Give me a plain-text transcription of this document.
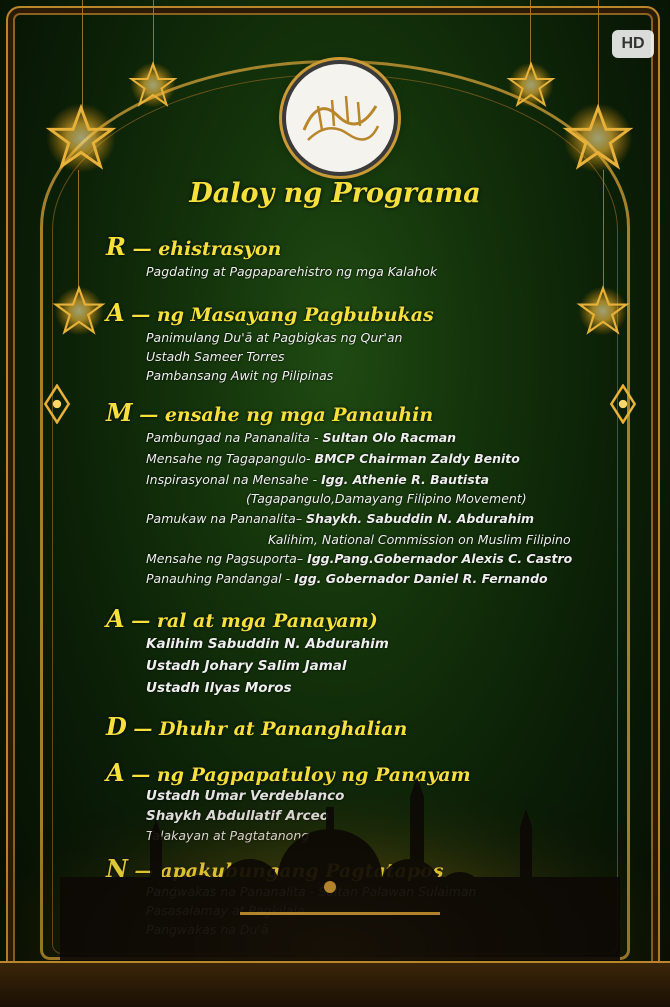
HD
Daloy ng Programa
R — ehistrasyon
Pagdating at Pagpaparehistro ng mga Kalahok
A — ng Masayang Pagbubukas
Panimulang Du'ā at Pagbigkas ng Qur'an
Ustadh Sameer Torres
Pambansang Awit ng Pilipinas
M — ensahe ng mga Panauhin
Pambungad na Pananalita - Sultan Olo Racman
Mensahe ng Tagapangulo- BMCP Chairman Zaldy Benito
Inspirasyonal na Mensahe - Igg. Athenie R. Bautista
(Tagapangulo,Damayang Filipino Movement)
Pamukaw na Pananalita– Shaykh. Sabuddin N. Abdurahim
Kalihim, National Commission on Muslim Filipino
Mensahe ng Pagsuporta– Igg.Pang.Gobernador Alexis C. Castro
Panauhing Pandangal - Igg. Gobernador Daniel R. Fernando
A — ral at mga Panayam)
Kalihim Sabuddin N. Abdurahim
Ustadh Johary Salim Jamal
Ustadh Ilyas Moros
